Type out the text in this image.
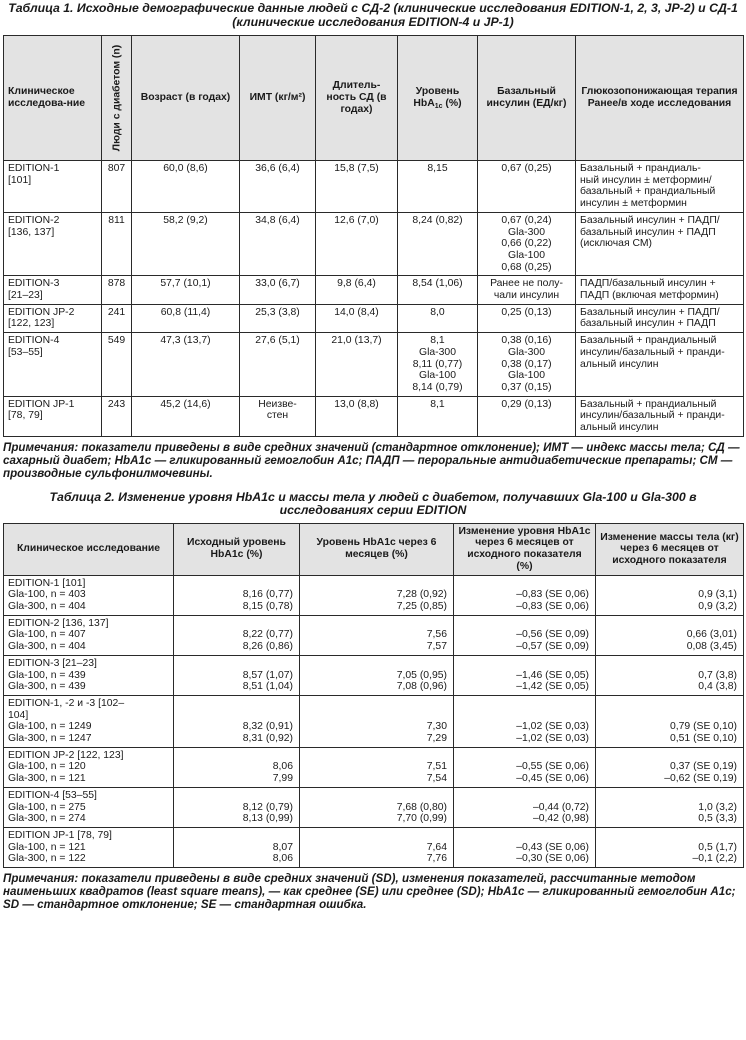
Таблица 1. Исходные демографические данные людей с СД-2 (клинические исследования EDITION-1, 2, 3, JP-2) и СД-1 (клинические исследования EDITION-4 и JP-1)
Клиническое исследова-ние	Люди с диабетом (n)	Возраст (в годах)	ИМТ (кг/м²)	Длитель-ность СД (в годах)	Уровень HbA$_{1c}$ (%)	Базальный инсулин (ЕД/кг)	Глюкозопонижающая терапия Ранее/в ходе исследования

EDITION-1
[101]	807	60,0 (8,6)	36,6 (6,4)	15,8 (7,5)	8,15	0,67 (0,25)	Базальный + прандиаль-
ный инсулин ± метформин/
базальный + прандиальный
инсулин ± метформин

EDITION-2
[136, 137]	811	58,2 (9,2)	34,8 (6,4)	12,6 (7,0)	8,24 (0,82)	0,67 (0,24)
Gla-300
0,66 (0,22)
Gla-100
0,68 (0,25)	Базальный инсулин + ПАДП/
базальный инсулин + ПАДП
(исключая СМ)

EDITION-3
[21–23]	878	57,7 (10,1)	33,0 (6,7)	9,8 (6,4)	8,54 (1,06)	Ранее не полу-
чали инсулин	ПАДП/базальный инсулин +
ПАДП (включая метформин)

EDITION JP-2
[122, 123]	241	60,8 (11,4)	25,3 (3,8)	14,0 (8,4)	8,0	0,25 (0,13)	Базальный инсулин + ПАДП/
базальный инсулин + ПАДП

EDITION-4
[53–55]	549	47,3 (13,7)	27,6 (5,1)	21,0 (13,7)	8,1
Gla-300
8,11 (0,77)
Gla-100
8,14 (0,79)	0,38 (0,16)
Gla-300
0,38 (0,17)
Gla-100
0,37 (0,15)	Базальный + прандиальный
инсулин/базальный + пранди-
альный инсулин

EDITION JP-1
[78, 79]	243	45,2 (14,6)	Неизве-
стен	13,0 (8,8)	8,1	0,29 (0,13)	Базальный + прандиальный
инсулин/базальный + пранди-
альный инсулин
Примечания: показатели приведены в виде средних значений (стандартное отклонение); ИМТ — индекс массы тела; СД — сахарный диабет; HbA1c — гликированный гемоглобин A1c; ПАДП — пероральные антидиабетические препараты; СМ — производные сульфонилмочевины.
Таблица 2. Изменение уровня HbA1c и массы тела у людей с диабетом, получавших Gla-100 и Gla-300 в исследованиях серии EDITION
Клиническое исследование	Исходный уровень HbA1c (%)	Уровень HbA1c через 6 месяцев (%)	Изменение уровня HbA1c через 6 месяцев от исходного показателя (%)	Изменение массы тела (кг) через 6 месяцев от исходного показателя

EDITION-1 [101]
Gla-100, n = 403
Gla-300, n = 404	8,16 (0,77)
8,15 (0,78)	7,28 (0,92)
7,25 (0,85)	–0,83 (SE 0,06)
–0,83 (SE 0,06)	0,9 (3,1)
0,9 (3,2)

EDITION-2 [136, 137]
Gla-100, n = 407
Gla-300, n = 404	8,22 (0,77)
8,26 (0,86)	7,56
7,57	–0,56 (SE 0,09)
–0,57 (SE 0,09)	0,66 (3,01)
0,08 (3,45)

EDITION-3 [21–23]
Gla-100, n = 439
Gla-300, n = 439	8,57 (1,07)
8,51 (1,04)	7,05 (0,95)
7,08 (0,96)	–1,46 (SE 0,05)
–1,42 (SE 0,05)	0,7 (3,8)
0,4 (3,8)

EDITION-1, -2 и -3 [102–
104]
Gla-100, n = 1249
Gla-300, n = 1247	8,32 (0,91)
8,31 (0,92)	7,30
7,29	–1,02 (SE 0,03)
–1,02 (SE 0,03)	0,79 (SE 0,10)
0,51 (SE 0,10)

EDITION JP-2 [122, 123]
Gla-100, n = 120
Gla-300, n = 121	8,06
7,99	7,51
7,54	–0,55 (SE 0,06)
–0,45 (SE 0,06)	0,37 (SE 0,19)
–0,62 (SE 0,19)

EDITION-4 [53–55]
Gla-100, n = 275
Gla-300, n = 274	8,12 (0,79)
8,13 (0,99)	7,68 (0,80)
7,70 (0,99)	–0,44 (0,72)
–0,42 (0,98)	1,0 (3,2)
0,5 (3,3)

EDITION JP-1 [78, 79]
Gla-100, n = 121
Gla-300, n = 122	8,07
8,06	7,64
7,76	–0,43 (SE 0,06)
–0,30 (SE 0,06)	0,5 (1,7)
–0,1 (2,2)
Примечания: показатели приведены в виде средних значений (SD), изменения показателей, рассчитанные методом наименьших квадратов (least square means), — как среднее (SE) или среднее (SD); HbA1c — гликированный гемоглобин A1c; SD — стандартное отклонение; SE — стандартная ошибка.
